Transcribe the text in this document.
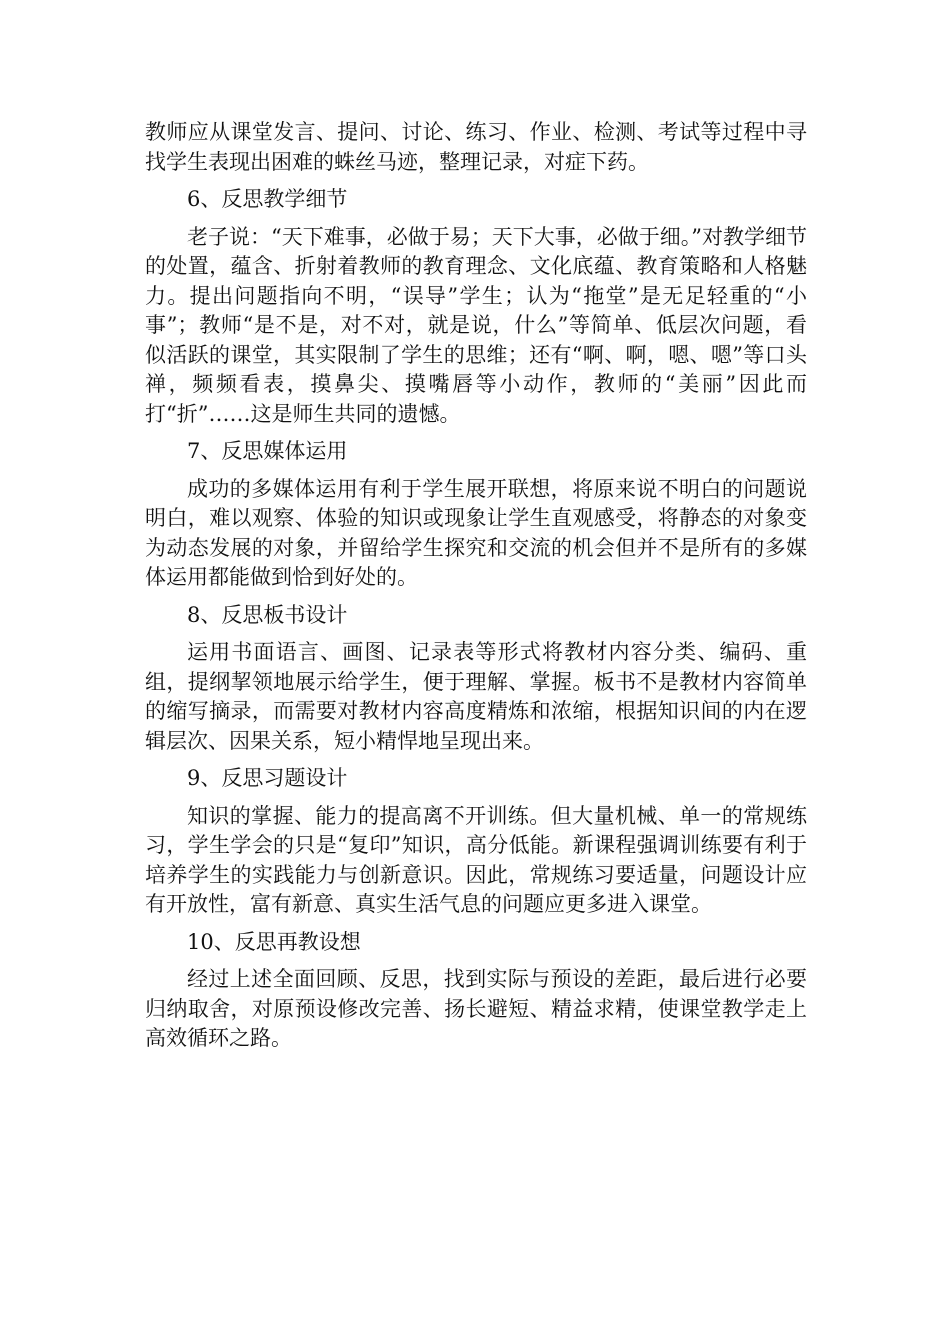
教师应从课堂发言、提问、讨论、练习、作业、检测、考试等过程中寻找学生表现出困难的蛛丝马迹，整理记录，对症下药。

6、反思教学细节

老子说：“天下难事，必做于易；天下大事，必做于细。”对教学细节的处置，蕴含、折射着教师的教育理念、文化底蕴、教育策略和人格魅力。提出问题指向不明，“误导”学生；认为“拖堂”是无足轻重的“小事”；教师“是不是，对不对，就是说，什么”等简单、低层次问题，看似活跃的课堂，其实限制了学生的思维；还有“啊、啊，嗯、嗯”等口头禅，频频看表，摸鼻尖、摸嘴唇等小动作，教师的“美丽”因此而打“折”……这是师生共同的遗憾。

7、反思媒体运用

成功的多媒体运用有利于学生展开联想，将原来说不明白的问题说明白，难以观察、体验的知识或现象让学生直观感受，将静态的对象变为动态发展的对象，并留给学生探究和交流的机会但并不是所有的多媒体运用都能做到恰到好处的。

8、反思板书设计

运用书面语言、画图、记录表等形式将教材内容分类、编码、重组，提纲挈领地展示给学生，便于理解、掌握。板书不是教材内容简单的缩写摘录，而需要对教材内容高度精炼和浓缩，根据知识间的内在逻辑层次、因果关系，短小精悍地呈现出来。

9、反思习题设计

知识的掌握、能力的提高离不开训练。但大量机械、单一的常规练习，学生学会的只是“复印”知识，高分低能。新课程强调训练要有利于培养学生的实践能力与创新意识。因此，常规练习要适量，问题设计应有开放性，富有新意、真实生活气息的问题应更多进入课堂。

10、反思再教设想

经过上述全面回顾、反思，找到实际与预设的差距，最后进行必要归纳取舍，对原预设修改完善、扬长避短、精益求精，使课堂教学走上高效循环之路。
